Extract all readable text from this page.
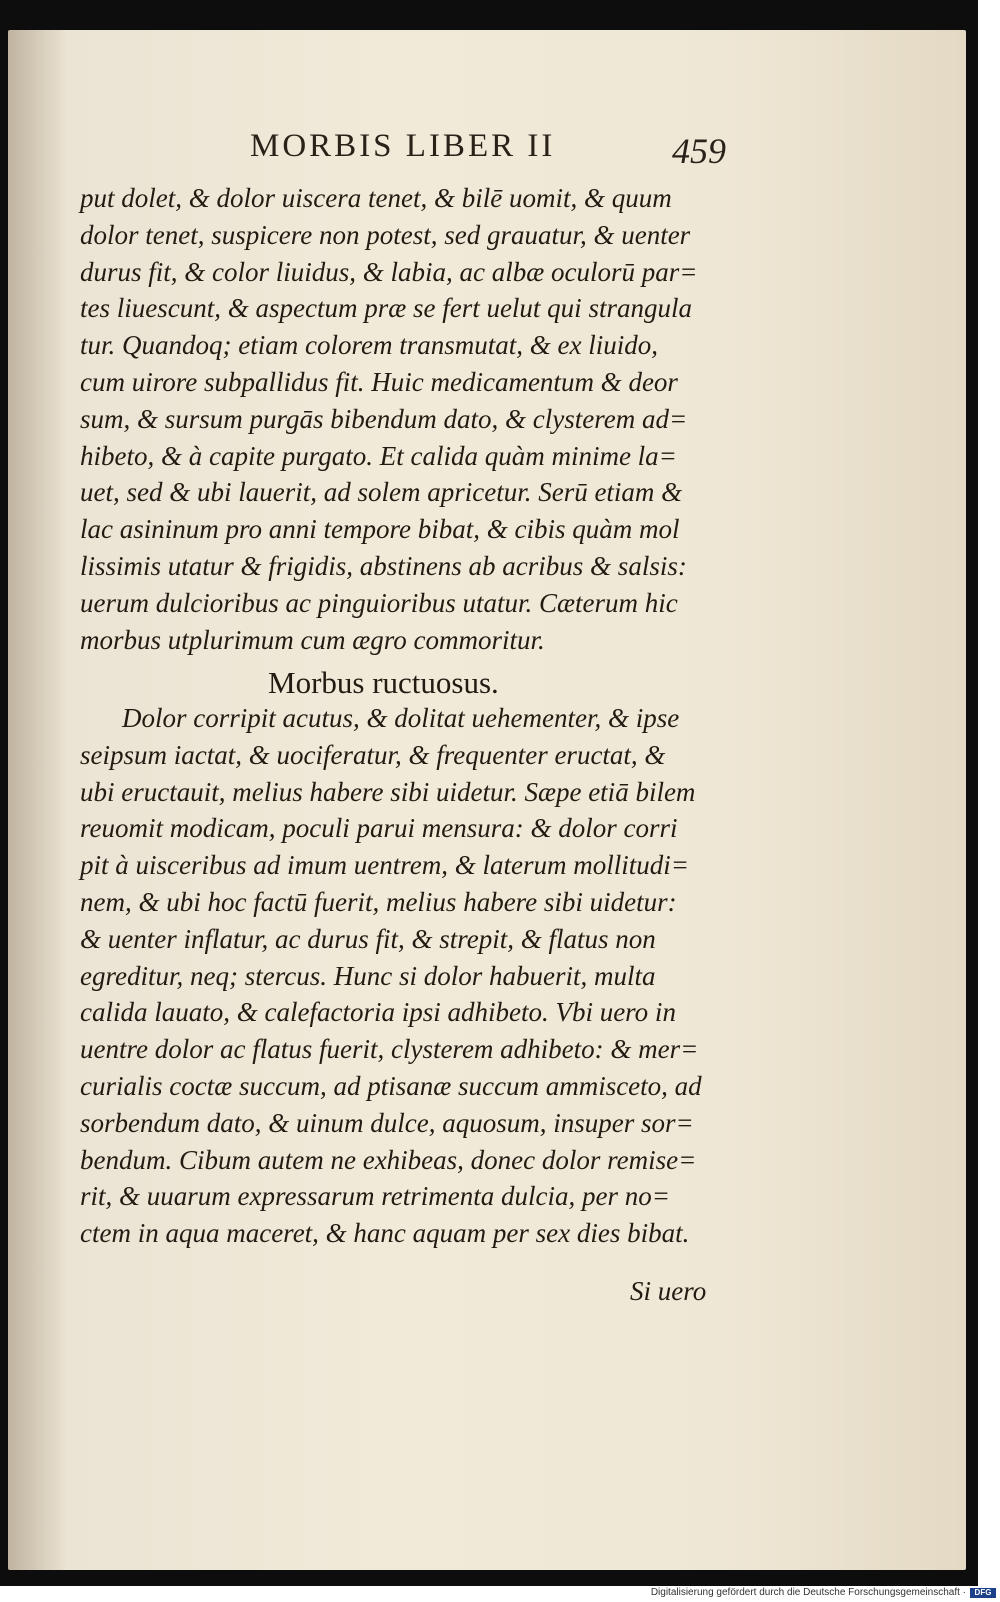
MORBIS LIBER II	459
put dolet, & dolor uiscera tenet, & bilē uomit, & quum
dolor tenet, suspicere non potest, sed grauatur, & uenter
durus fit, & color liuidus, & labia, ac albæ oculorū par=
tes liuescunt, & aspectum præ se fert uelut qui strangula
tur. Quandoq; etiam colorem transmutat, & ex liuido,
cum uirore subpallidus fit. Huic medicamentum & deor
sum, & sursum purgās bibendum dato, & clysterem ad=
hibeto, & à capite purgato. Et calida quàm minime la=
uet, sed & ubi lauerit, ad solem apricetur. Serū etiam &
lac asininum pro anni tempore bibat, & cibis quàm mol
lissimis utatur & frigidis, abstinens ab acribus & salsis:
uerum dulcioribus ac pinguioribus utatur. Cæterum hic
morbus utplurimum cum ægro commoritur.
Morbus ructuosus.
Dolor corripit acutus, & dolitat uehementer, & ipse
seipsum iactat, & uociferatur, & frequenter eructat, &
ubi eructauit, melius habere sibi uidetur. Sæpe etiā bilem
reuomit modicam, poculi parui mensura: & dolor corri
pit à uisceribus ad imum uentrem, & laterum mollitudi=
nem, & ubi hoc factū fuerit, melius habere sibi uidetur:
& uenter inflatur, ac durus fit, & strepit, & flatus non
egreditur, neq; stercus. Hunc si dolor habuerit, multa
calida lauato, & calefactoria ipsi adhibeto. Vbi uero in
uentre dolor ac flatus fuerit, clysterem adhibeto: & mer=
curialis coctæ succum, ad ptisanæ succum ammisceto, ad
sorbendum dato, & uinum dulce, aquosum, insuper sor=
bendum. Cibum autem ne exhibeas, donec dolor remise=
rit, & uuarum expressarum retrimenta dulcia, per no=
ctem in aqua maceret, & hanc aquam per sex dies bibat.
Si uero
Digitalisierung gefördert durch die Deutsche Forschungsgemeinschaft ·	DFG
